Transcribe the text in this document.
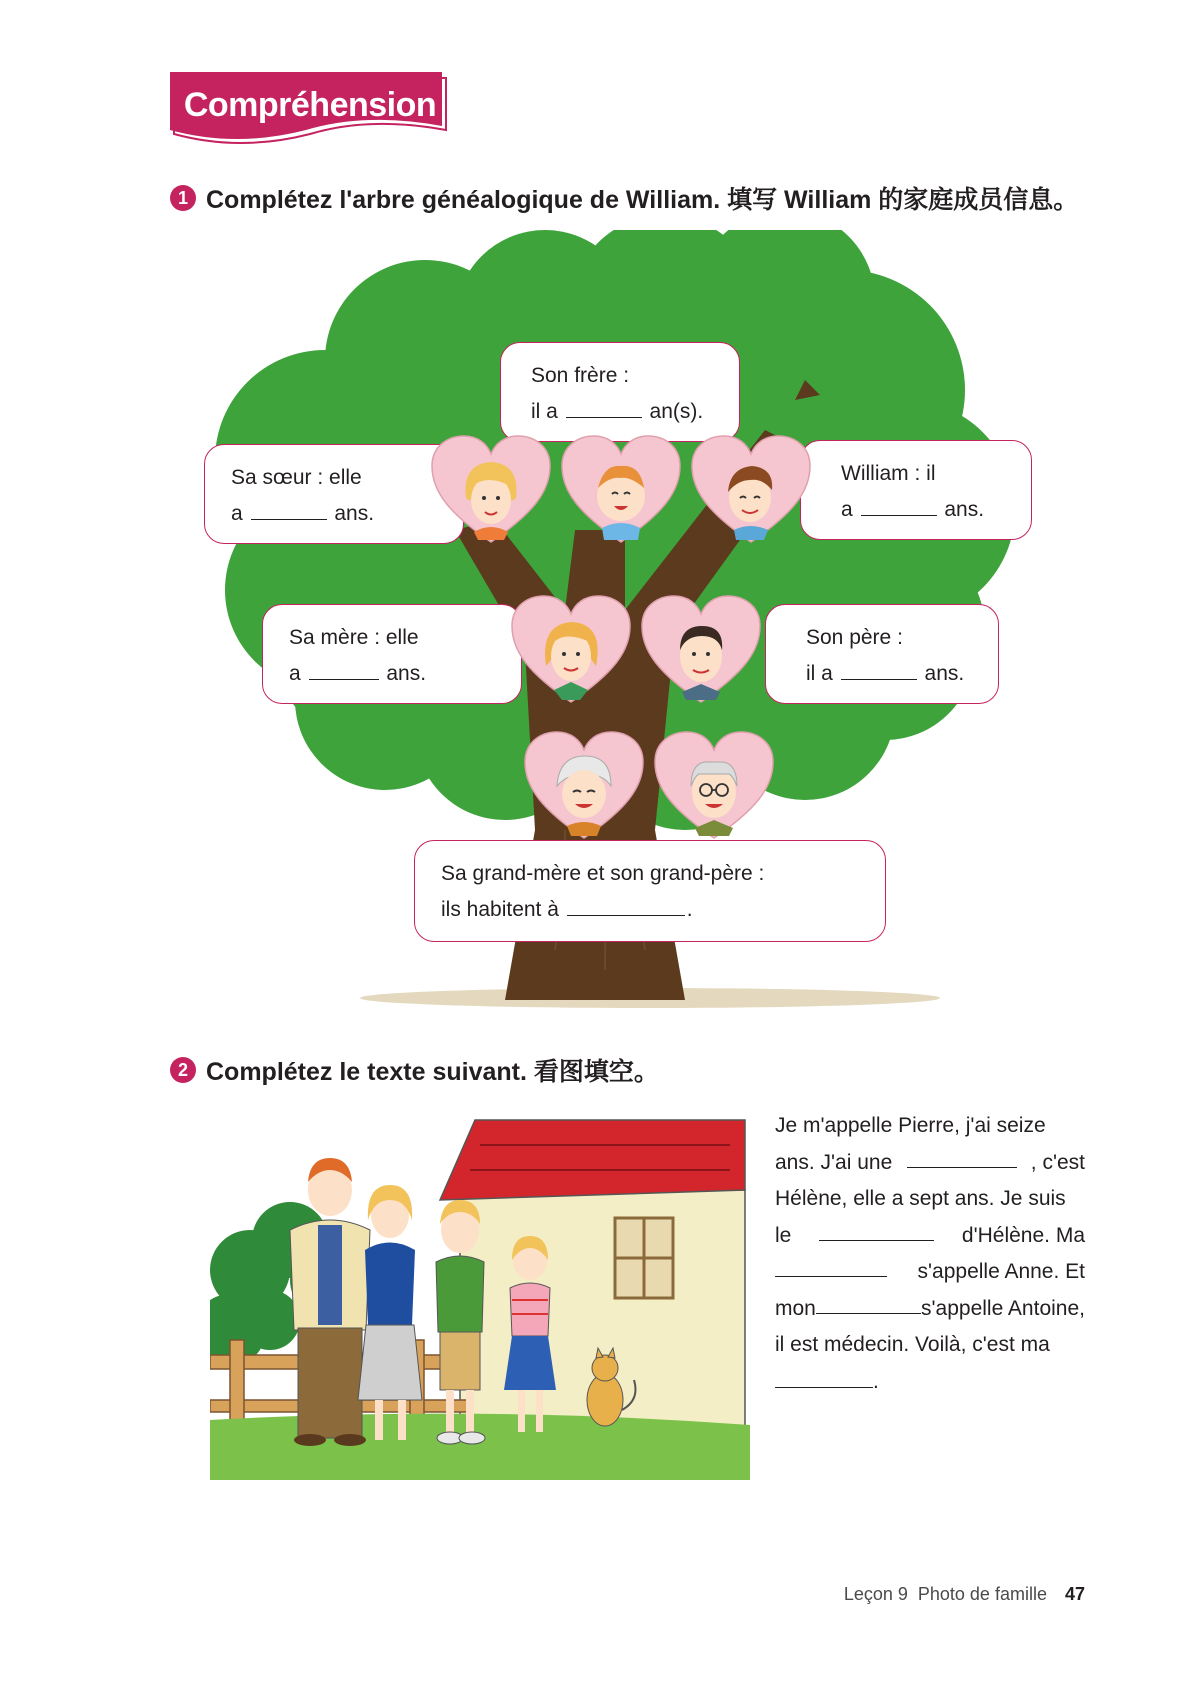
Compréhension
1 Complétez l'arbre généalogique de William. 填写 William 的家庭成员信息。

Son frère :

il a	an(s).

Sa sœur : elle

a	ans.

William : il

a	ans.

Sa mère : elle

a	ans.

Son père :

il a	ans.

Sa grand-mère et son grand-père :

ils habitent à	.

2 Complétez le texte suivant. 看图填空。
Je m'appelle Pierre, j'ai seize
ans. J'ai une	, c'est
Hélène, elle a sept ans. Je suis
le	d'Hélène. Ma
s'appelle Anne. Et
mon	s'appelle Antoine,
il est médecin. Voilà, c'est ma
.
Leçon 9  Photo de famille 47
